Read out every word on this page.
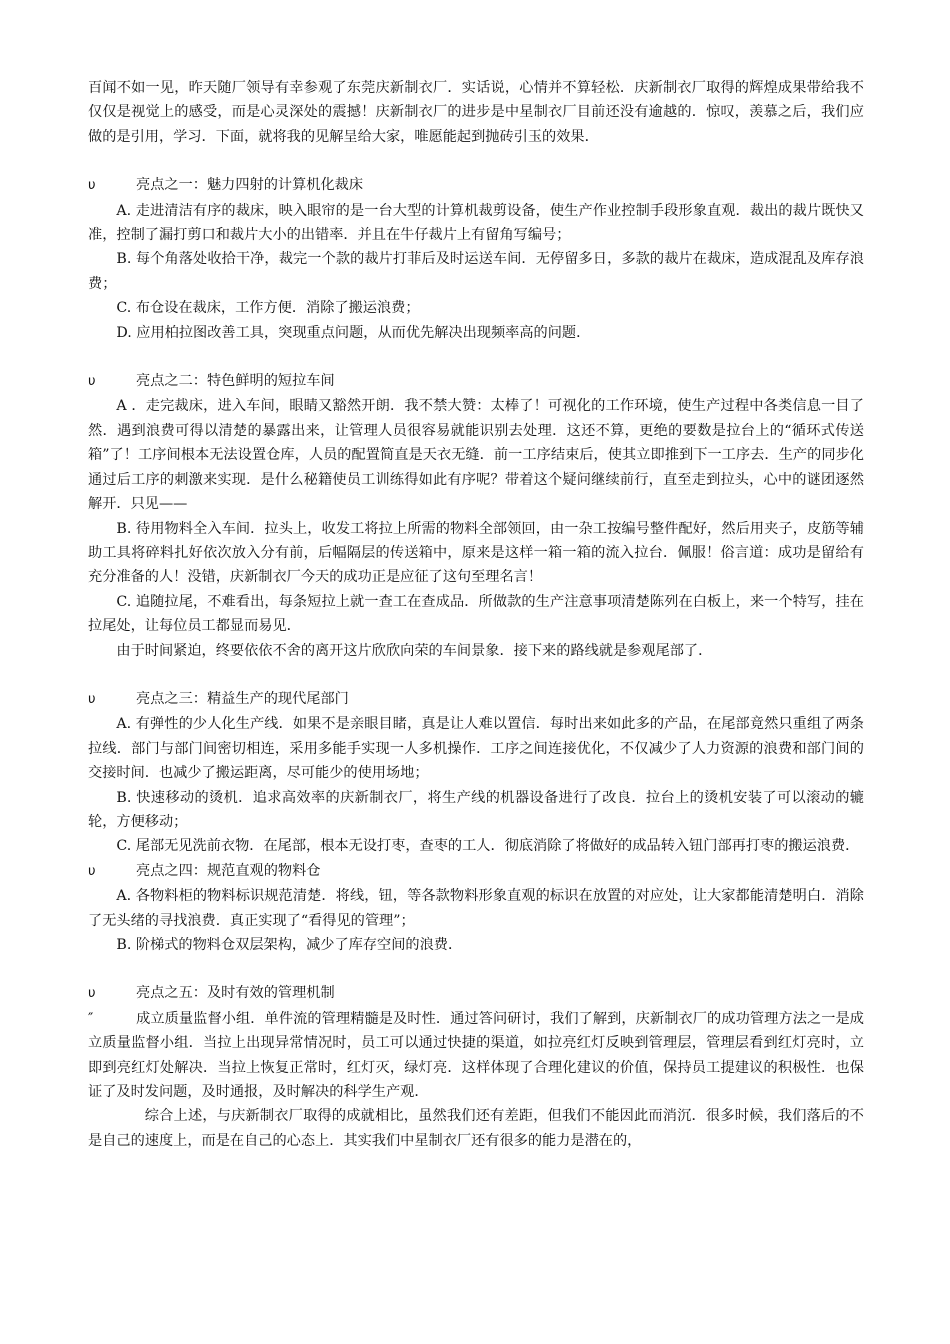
百闻不如一见，昨天随厂领导有幸参观了东莞庆新制衣厂．实话说，心情并不算轻松．庆新制衣厂取得的辉煌成果带给我不仅仅是视觉上的感受，而是心灵深处的震撼！庆新制衣厂的进步是中星制衣厂目前还没有逾越的．惊叹，羡慕之后，我们应做的是引用，学习．下面，就将我的见解呈给大家，唯愿能起到抛砖引玉的效果．

υ	亮点之一：魅力四射的计算机化裁床

A. 走进清洁有序的裁床，映入眼帘的是一台大型的计算机裁剪设备，使生产作业控制手段形象直观．裁出的裁片既快又准，控制了漏打剪口和裁片大小的出错率．并且在牛仔裁片上有留角写编号；

B. 每个角落处收拾干净，裁完一个款的裁片打菲后及时运送车间．无停留多日，多款的裁片在裁床，造成混乱及库存浪费；

C. 布仓设在裁床，工作方便．消除了搬运浪费；

D. 应用柏拉图改善工具，突现重点问题，从而优先解决出现频率高的问题．

υ	亮点之二：特色鲜明的短拉车间

A ．走完裁床，进入车间，眼睛又豁然开朗．我不禁大赞：太棒了！可视化的工作环境，使生产过程中各类信息一目了然．遇到浪费可得以清楚的暴露出来，让管理人员很容易就能识别去处理．这还不算，更绝的要数是拉台上的“循环式传送箱”了！工序间根本无法设置仓库，人员的配置简直是天衣无缝．前一工序结束后，使其立即推到下一工序去．生产的同步化通过后工序的刺激来实现．是什么秘籍使员工训练得如此有序呢？带着这个疑问继续前行，直至走到拉头，心中的谜团逐然解开．只见——

B. 待用物料全入车间．拉头上，收发工将拉上所需的物料全部领回，由一杂工按编号整件配好，然后用夹子，皮筋等辅助工具将碎料扎好依次放入分有前，后幅隔层的传送箱中，原来是这样一箱一箱的流入拉台．佩服！俗言道：成功是留给有充分准备的人！没错，庆新制衣厂今天的成功正是应征了这句至理名言！

C. 追随拉尾，不难看出，每条短拉上就一查工在查成品．所做款的生产注意事项清楚陈列在白板上，来一个特写，挂在拉尾处，让每位员工都显而易见．

由于时间紧迫，终要依依不舍的离开这片欣欣向荣的车间景象．接下来的路线就是参观尾部了．

υ	亮点之三：精益生产的现代尾部门

A. 有弹性的少人化生产线．如果不是亲眼目睹，真是让人难以置信．每时出来如此多的产品，在尾部竟然只重组了两条拉线．部门与部门间密切相连，采用多能手实现一人多机操作．工序之间连接优化，不仅减少了人力资源的浪费和部门间的交接时间．也减少了搬运距离，尽可能少的使用场地；

B. 快速移动的烫机．追求高效率的庆新制衣厂，将生产线的机器设备进行了改良．拉台上的烫机安装了可以滚动的辘轮，方便移动；

C. 尾部无见洗前衣物．在尾部，根本无设打枣，查枣的工人．彻底消除了将做好的成品转入钮门部再打枣的搬运浪费．

υ	亮点之四：规范直观的物料仓

A. 各物料柜的物料标识规范清楚．将线，钮，等各款物料形象直观的标识在放置的对应处，让大家都能清楚明白．消除了无头绪的寻找浪费．真正实现了“看得见的管理”；

B. 阶梯式的物料仓双层架构，减少了库存空间的浪费．

υ	亮点之五：及时有效的管理机制

″	成立质量监督小组．单件流的管理精髓是及时性．通过答问研讨，我们了解到，庆新制衣厂的成功管理方法之一是成立质量监督小组．当拉上出现异常情况时，员工可以通过快捷的渠道，如拉亮红灯反映到管理层，管理层看到红灯亮时，立即到亮红灯处解决．当拉上恢复正常时，红灯灭，绿灯亮．这样体现了合理化建议的价值，保持员工提建议的积极性．也保证了及时发问题，及时通报，及时解决的科学生产观．

综合上述，与庆新制衣厂取得的成就相比，虽然我们还有差距，但我们不能因此而消沉．很多时候，我们落后的不是自己的速度上，而是在自己的心态上．其实我们中星制衣厂还有很多的能力是潜在的，
